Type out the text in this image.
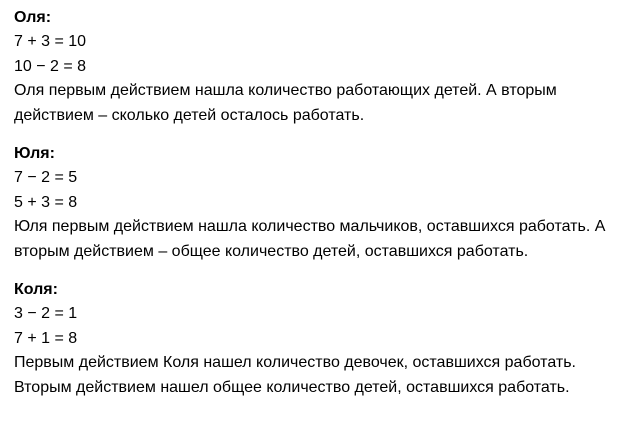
Оля:
7 + 3 = 10
10 − 2 = 8
Оля первым действием нашла количество работающих детей. А вторым
действием – сколько детей осталось работать.
Юля:
7 − 2 = 5
5 + 3 = 8
Юля первым действием нашла количество мальчиков, оставшихся работать. А
вторым действием – общее количество детей, оставшихся работать.
Коля:
3 − 2 = 1
7 + 1 = 8
Первым действием Коля нашел количество девочек, оставшихся работать.
Вторым действием нашел общее количество детей, оставшихся работать.
